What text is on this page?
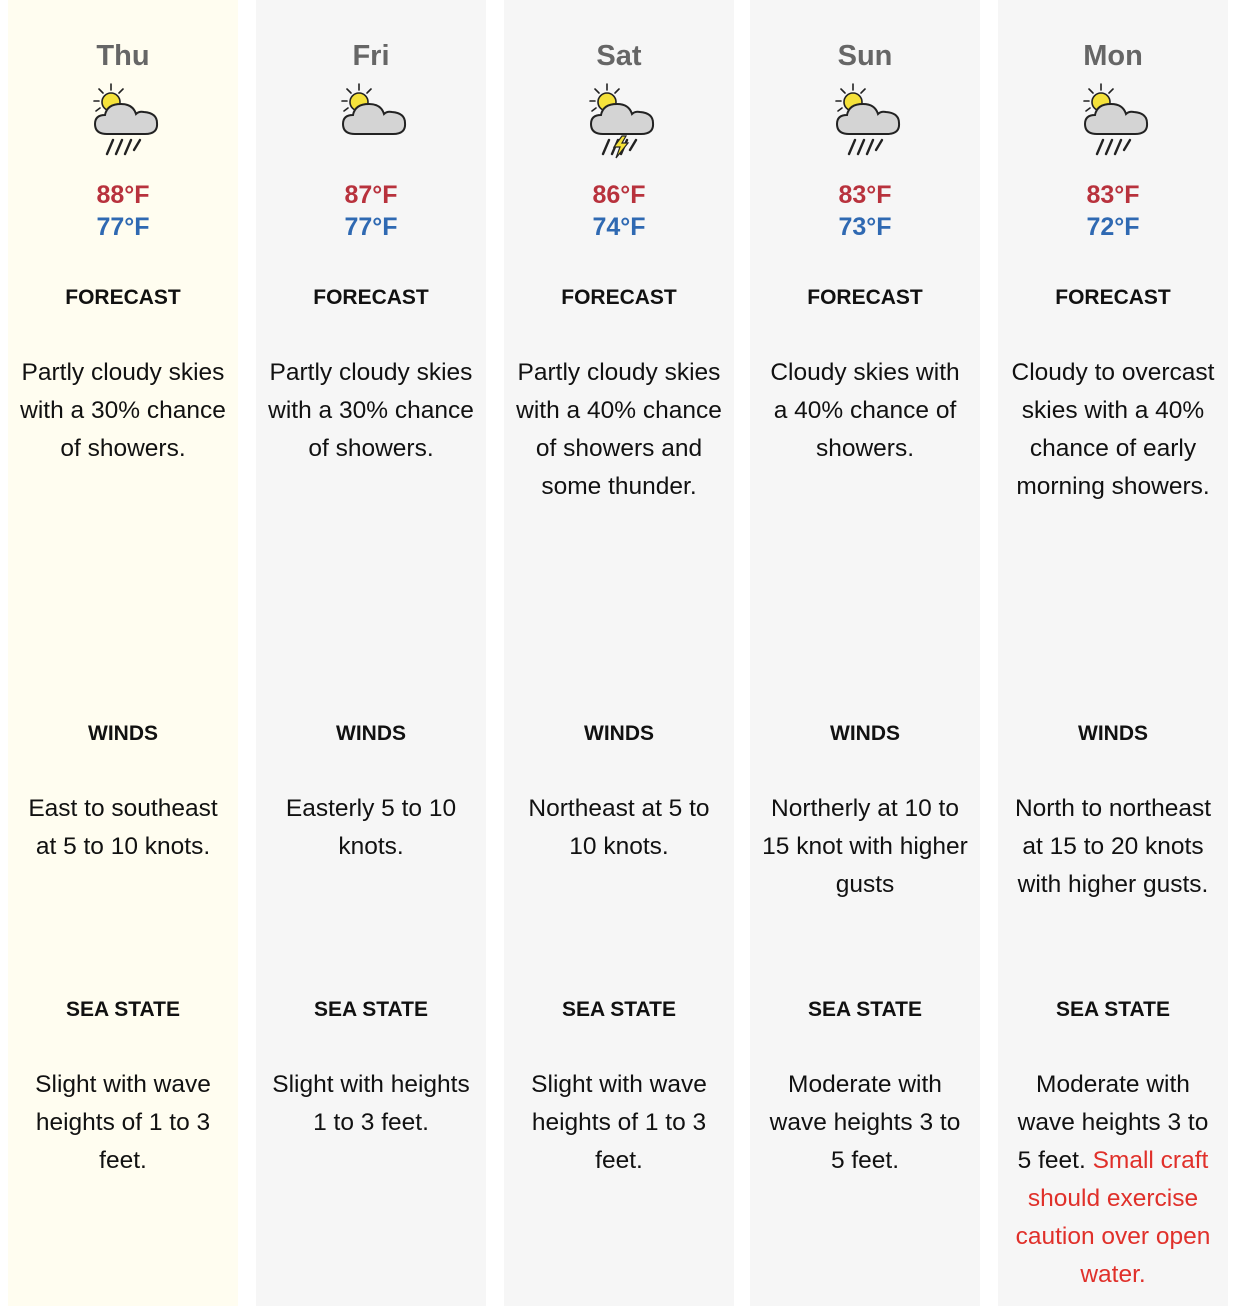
Thu
88°F
77°F
FORECAST
Partly cloudy skies with a 30% chance of showers.
WINDS
East to southeast at 5 to 10 knots.
SEA STATE
Slight with wave heights of 1 to 3 feet.
Fri
87°F
77°F
FORECAST
Partly cloudy skies with a 30% chance of showers.
WINDS
Easterly 5 to 10 knots.
SEA STATE
Slight with heights 1 to 3 feet.
Sat
86°F
74°F
FORECAST
Partly cloudy skies with a 40% chance of showers and some thunder.
WINDS
Northeast at 5 to 10 knots.
SEA STATE
Slight with wave heights of 1 to 3 feet.
Sun
83°F
73°F
FORECAST
Cloudy skies with a 40% chance of showers.
WINDS
Northerly at 10 to 15 knot with higher gusts
SEA STATE
Moderate with wave heights 3 to 5 feet.
Mon
83°F
72°F
FORECAST
Cloudy to overcast skies with a 40% chance of early morning showers.
WINDS
North to northeast at 15 to 20 knots with higher gusts.
SEA STATE
Moderate with wave heights 3 to 5 feet. Small craft should exercise caution over open water.
